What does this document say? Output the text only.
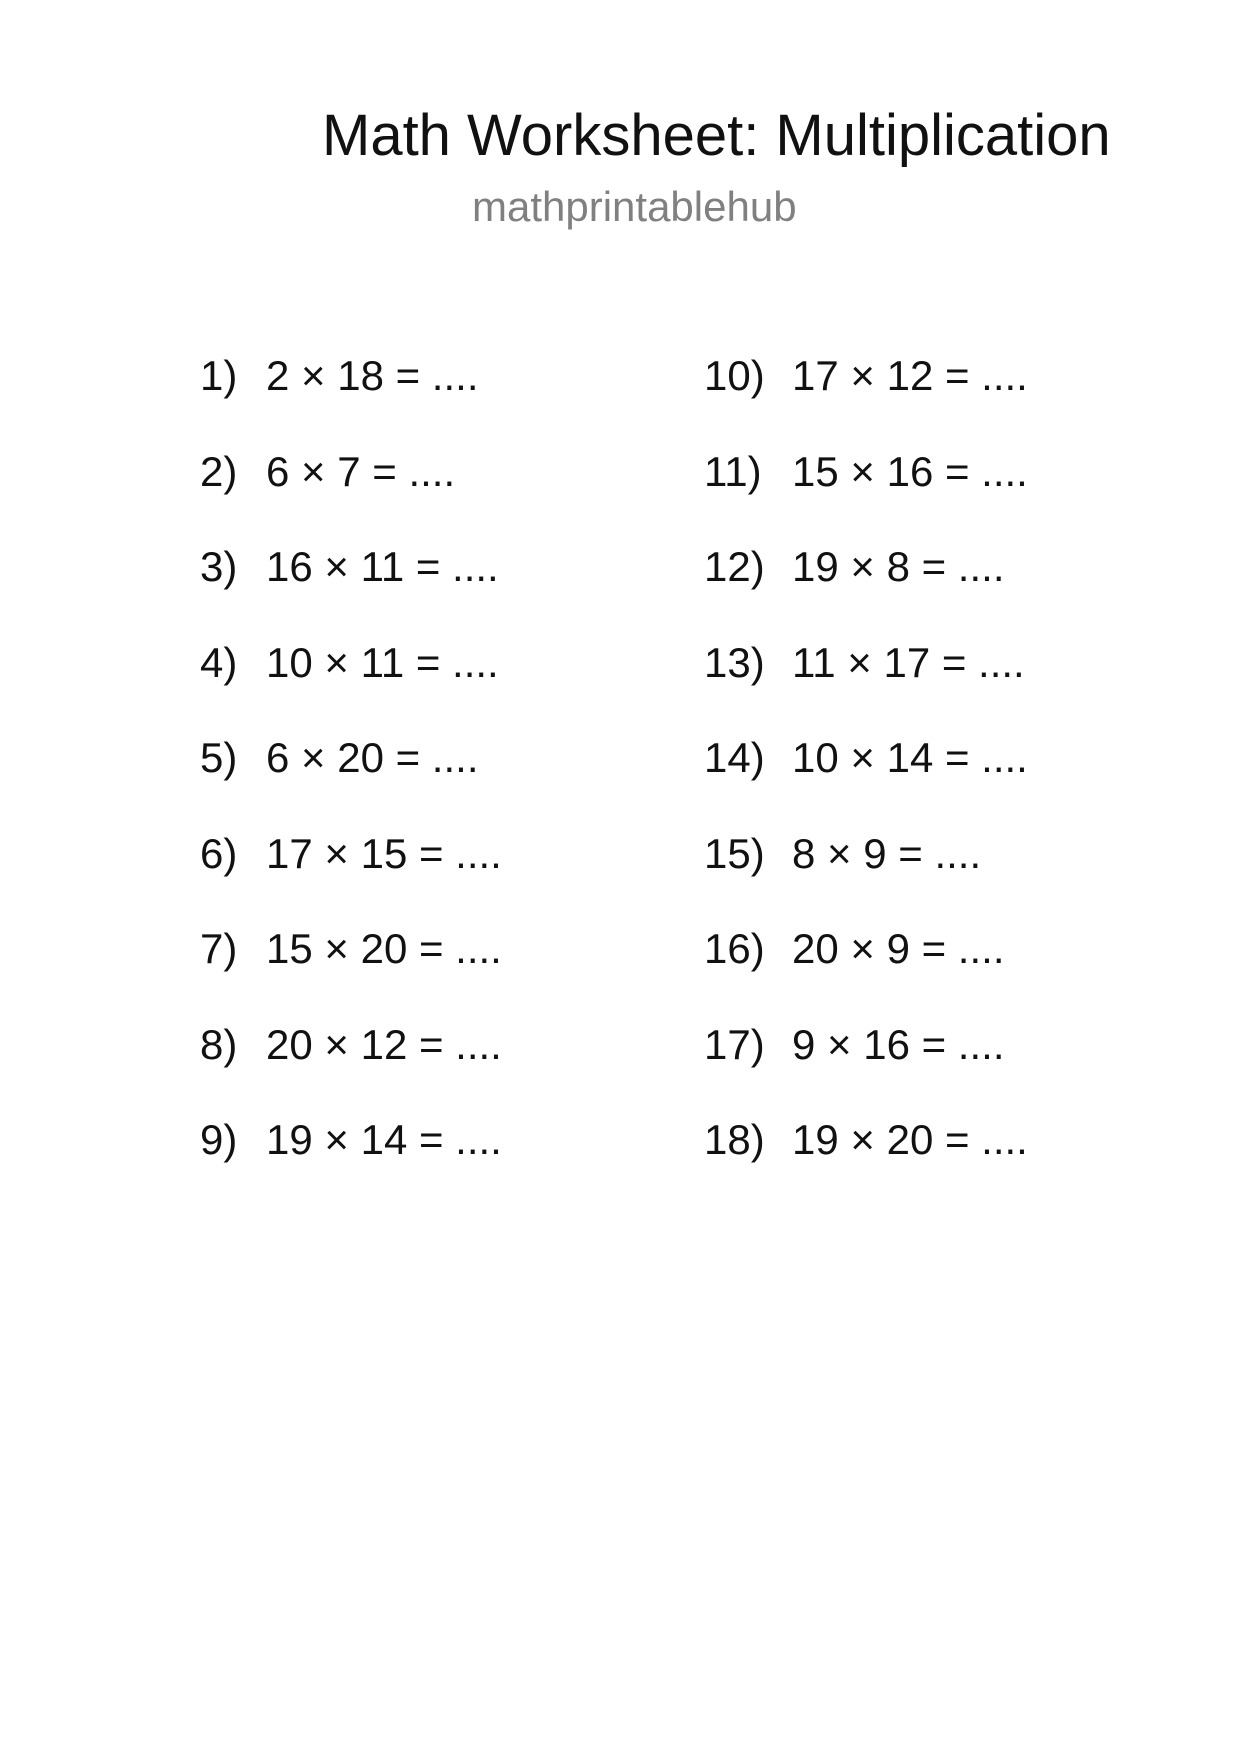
Math Worksheet: Multiplication
mathprintablehub
1) 2 × 18 = ....
2) 6 × 7 = ....
3) 16 × 11 = ....
4) 10 × 11 = ....
5) 6 × 20 = ....
6) 17 × 15 = ....
7) 15 × 20 = ....
8) 20 × 12 = ....
9) 19 × 14 = ....
10) 17 × 12 = ....
11) 15 × 16 = ....
12) 19 × 8 = ....
13) 11 × 17 = ....
14) 10 × 14 = ....
15) 8 × 9 = ....
16) 20 × 9 = ....
17) 9 × 16 = ....
18) 19 × 20 = ....
